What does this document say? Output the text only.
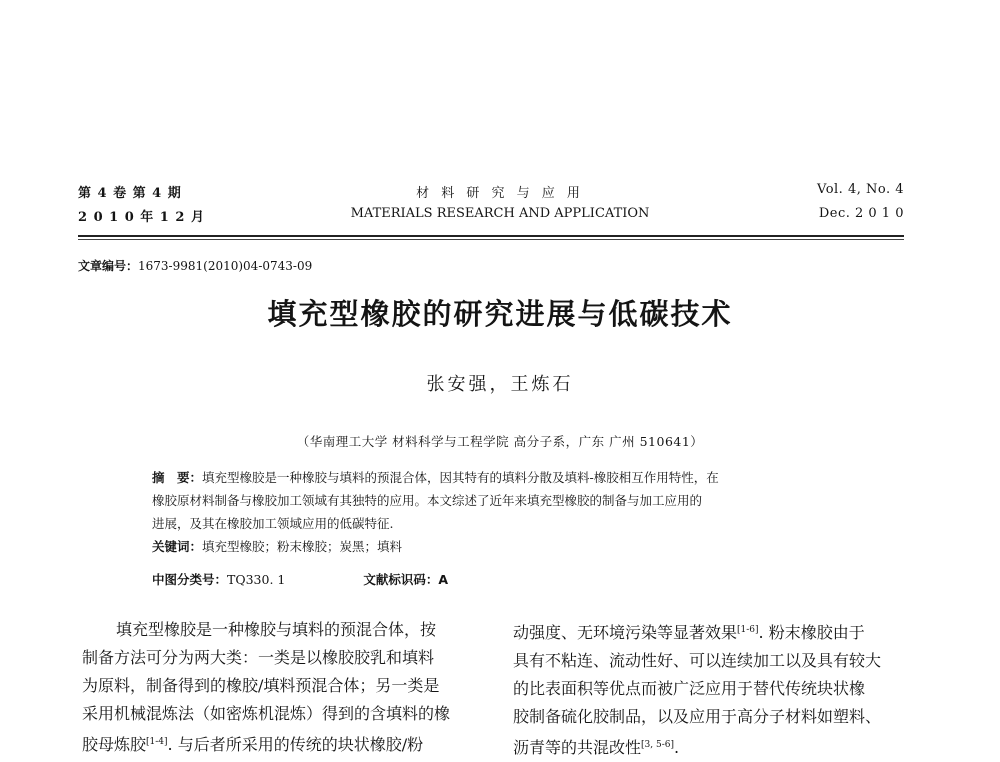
第 4 卷 第 4 期
2 0 1 0 年 1 2 月
材 料 研 究 与 应 用
MATERIALS RESEARCH AND APPLICATION
Vol. 4, No. 4
Dec. 2 0 1 0
文章编号：1673-9981(2010)04-0743-09
填充型橡胶的研究进展与低碳技术
张安强，王炼石
（华南理工大学 材料科学与工程学院 高分子系，广东 广州 510641）
摘　要：填充型橡胶是一种橡胶与填料的预混合体，因其特有的填料分散及填料-橡胶相互作用特性，在
橡胶原材料制备与橡胶加工领域有其独特的应用。本文综述了近年来填充型橡胶的制备与加工应用的
进展，及其在橡胶加工领域应用的低碳特征.
关键词：填充型橡胶；粉末橡胶；炭黑；填料
中图分类号：TQ330. 1	文献标识码：A

填充型橡胶是一种橡胶与填料的预混合体，按

制备方法可分为两大类：一类是以橡胶胶乳和填料

为原料，制备得到的橡胶/填料预混合体；另一类是

采用机械混炼法（如密炼机混炼）得到的含填料的橡

胶母炼胶[1-4]. 与后者所采用的传统的块状橡胶/粉

动强度、无环境污染等显著效果[1-6]. 粉末橡胶由于

具有不粘连、流动性好、可以连续加工以及具有较大

的比表面积等优点而被广泛应用于替代传统块状橡

胶制备硫化胶制品，以及应用于高分子材料如塑料、

沥青等的共混改性[3, 5-6].
